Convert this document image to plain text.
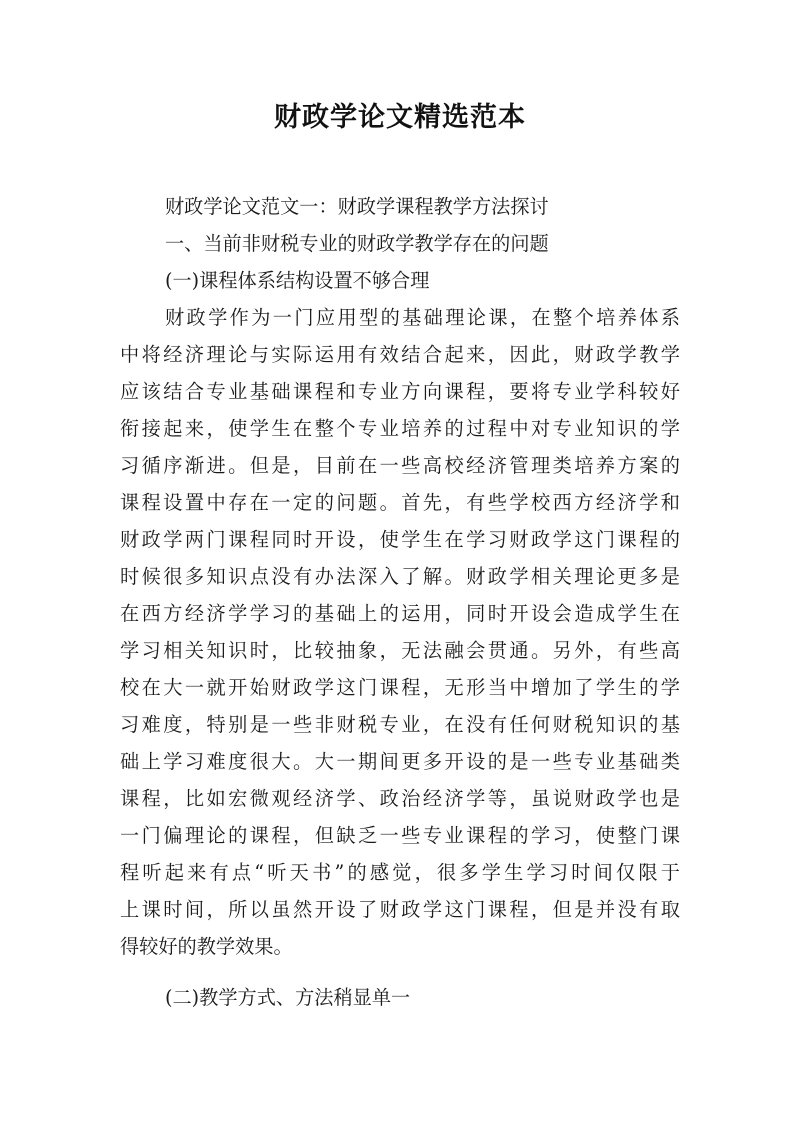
财政学论文精选范本
财政学论文范文一：财政学课程教学方法探讨
一、当前非财税专业的财政学教学存在的问题
(一)课程体系结构设置不够合理
财政学作为一门应用型的基础理论课，在整个培养体系
中将经济理论与实际运用有效结合起来，因此，财政学教学
应该结合专业基础课程和专业方向课程，要将专业学科较好
衔接起来，使学生在整个专业培养的过程中对专业知识的学
习循序渐进。但是，目前在一些高校经济管理类培养方案的
课程设置中存在一定的问题。首先，有些学校西方经济学和
财政学两门课程同时开设，使学生在学习财政学这门课程的
时候很多知识点没有办法深入了解。财政学相关理论更多是
在西方经济学学习的基础上的运用，同时开设会造成学生在
学习相关知识时，比较抽象，无法融会贯通。另外，有些高
校在大一就开始财政学这门课程，无形当中增加了学生的学
习难度，特别是一些非财税专业，在没有任何财税知识的基
础上学习难度很大。大一期间更多开设的是一些专业基础类
课程，比如宏微观经济学、政治经济学等，虽说财政学也是
一门偏理论的课程，但缺乏一些专业课程的学习，使整门课
程听起来有点“听天书”的感觉，很多学生学习时间仅限于
上课时间，所以虽然开设了财政学这门课程，但是并没有取
得较好的教学效果。
(二)教学方式、方法稍显单一
